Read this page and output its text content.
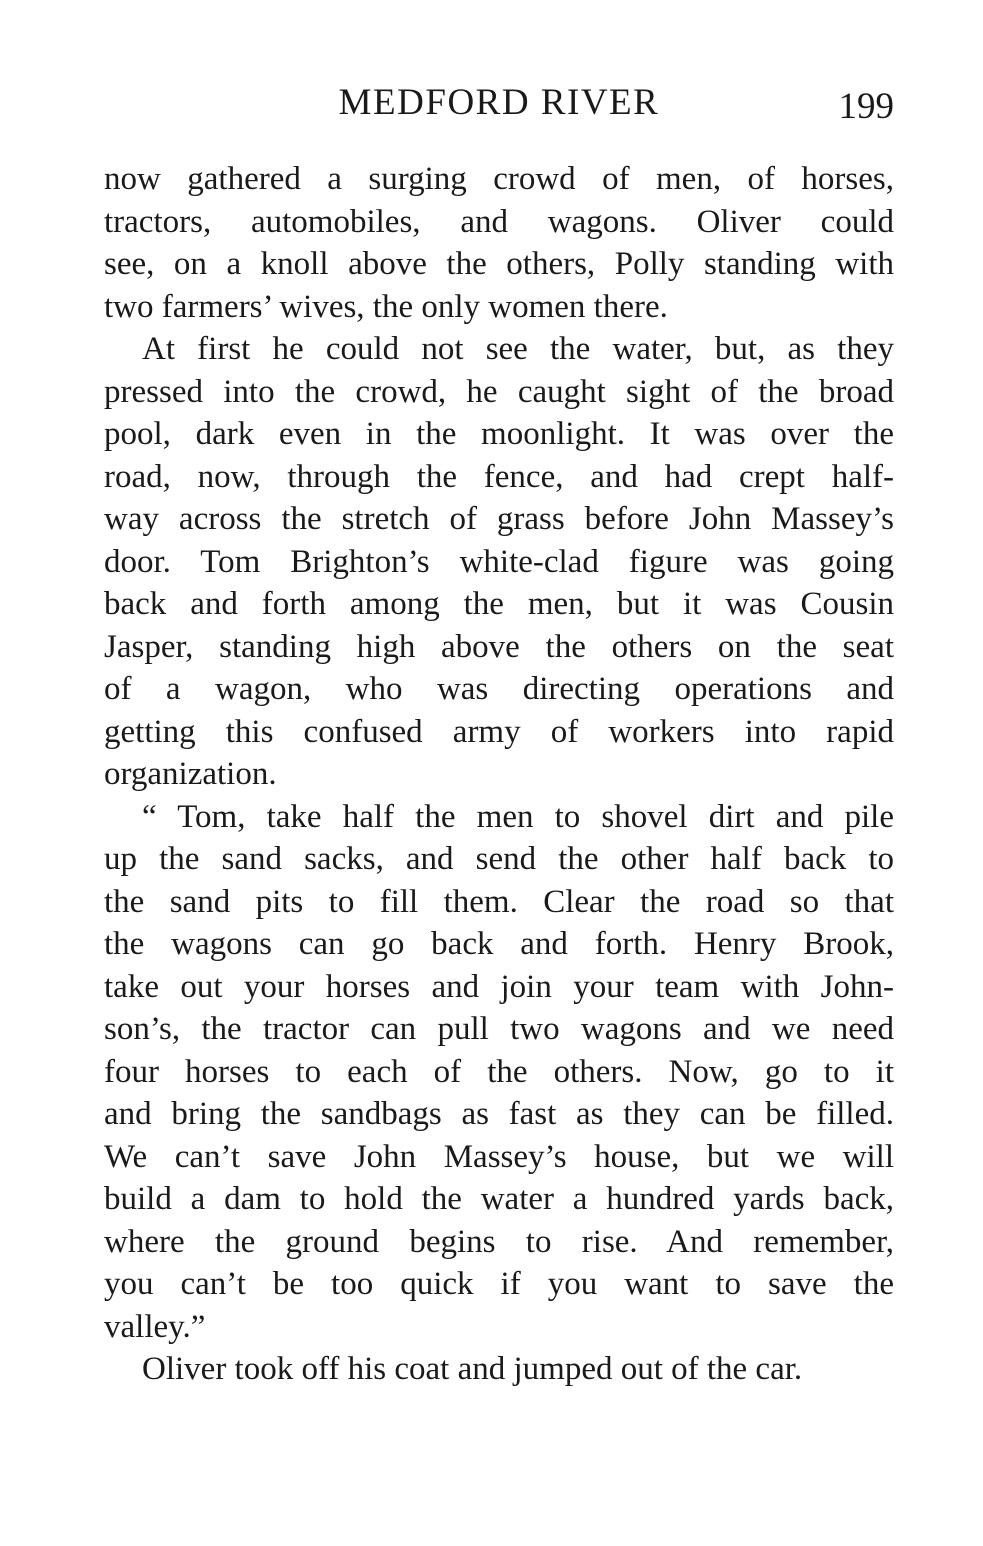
MEDFORD RIVER	199
now gathered a surging crowd of men, of horses,
tractors, automobiles, and wagons. Oliver could
see, on a knoll above the others, Polly standing with
two farmers’ wives, the only women there.
At first he could not see the water, but, as they
pressed into the crowd, he caught sight of the broad
pool, dark even in the moonlight. It was over the
road, now, through the fence, and had crept half-
way across the stretch of grass before John Massey’s
door. Tom Brighton’s white-clad figure was going
back and forth among the men, but it was Cousin
Jasper, standing high above the others on the seat
of a wagon, who was directing operations and
getting this confused army of workers into rapid
organization.
“ Tom, take half the men to shovel dirt and pile
up the sand sacks, and send the other half back to
the sand pits to fill them. Clear the road so that
the wagons can go back and forth. Henry Brook,
take out your horses and join your team with John-
son’s, the tractor can pull two wagons and we need
four horses to each of the others. Now, go to it
and bring the sandbags as fast as they can be filled.
We can’t save John Massey’s house, but we will
build a dam to hold the water a hundred yards back,
where the ground begins to rise. And remember,
you can’t be too quick if you want to save the
valley.”
Oliver took off his coat and jumped out of the car.
